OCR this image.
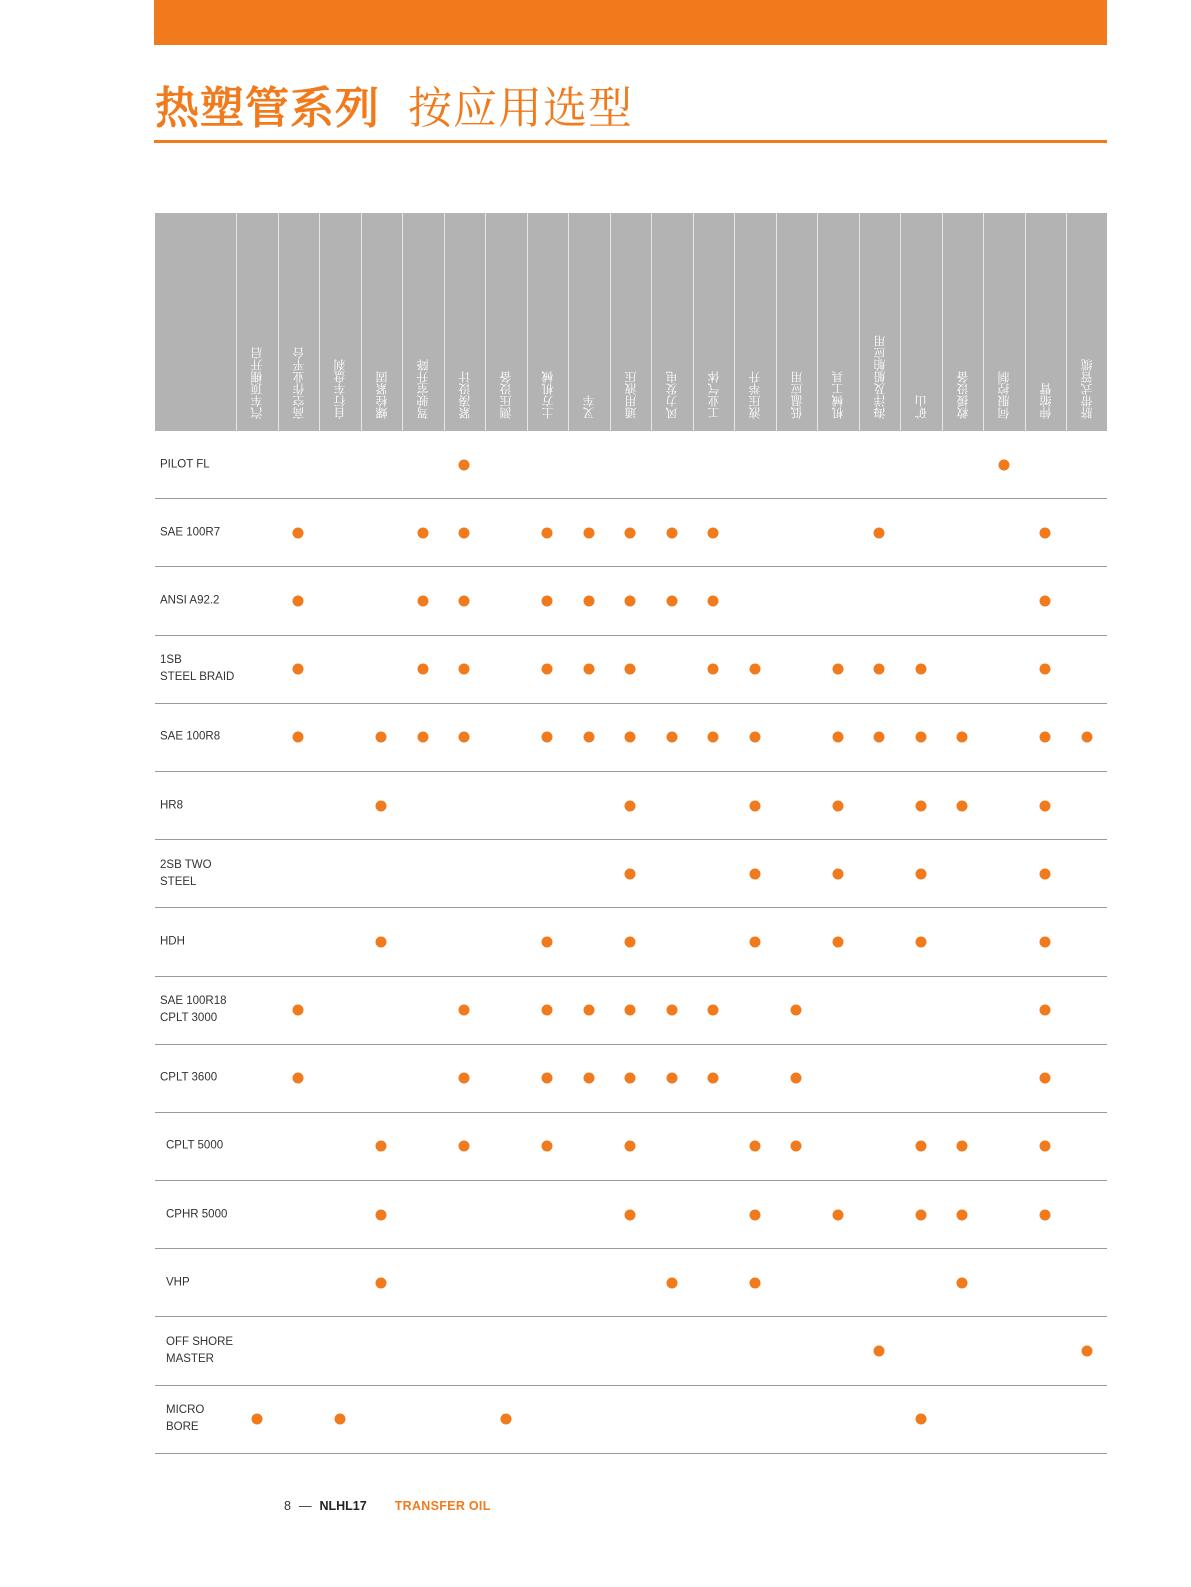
热塑管系列 按应用选型
汽车顶棚开启 高空作业平台 自行车盘刹 螺栓紧固 驾驶室升降 紧凑设计 测压设备 土方机械 叉车 通用液压 风力发电 工业气体 液压举升 低温应用 机械工具 海洋及船舶应用 矿山 救援设备 伺服控制 伸缩臂 脐带式管缆
PILOT FL
SAE 100R7
ANSI A92.2
1SB
STEEL BRAID
SAE 100R8
HR8
2SB TWO
STEEL
HDH
SAE 100R18
CPLT 3000
CPLT 3600
CPLT 5000
CPHR 5000
VHP
OFF SHORE
MASTER
MICRO
BORE
8 — NLHL17 TRANSFER OIL
